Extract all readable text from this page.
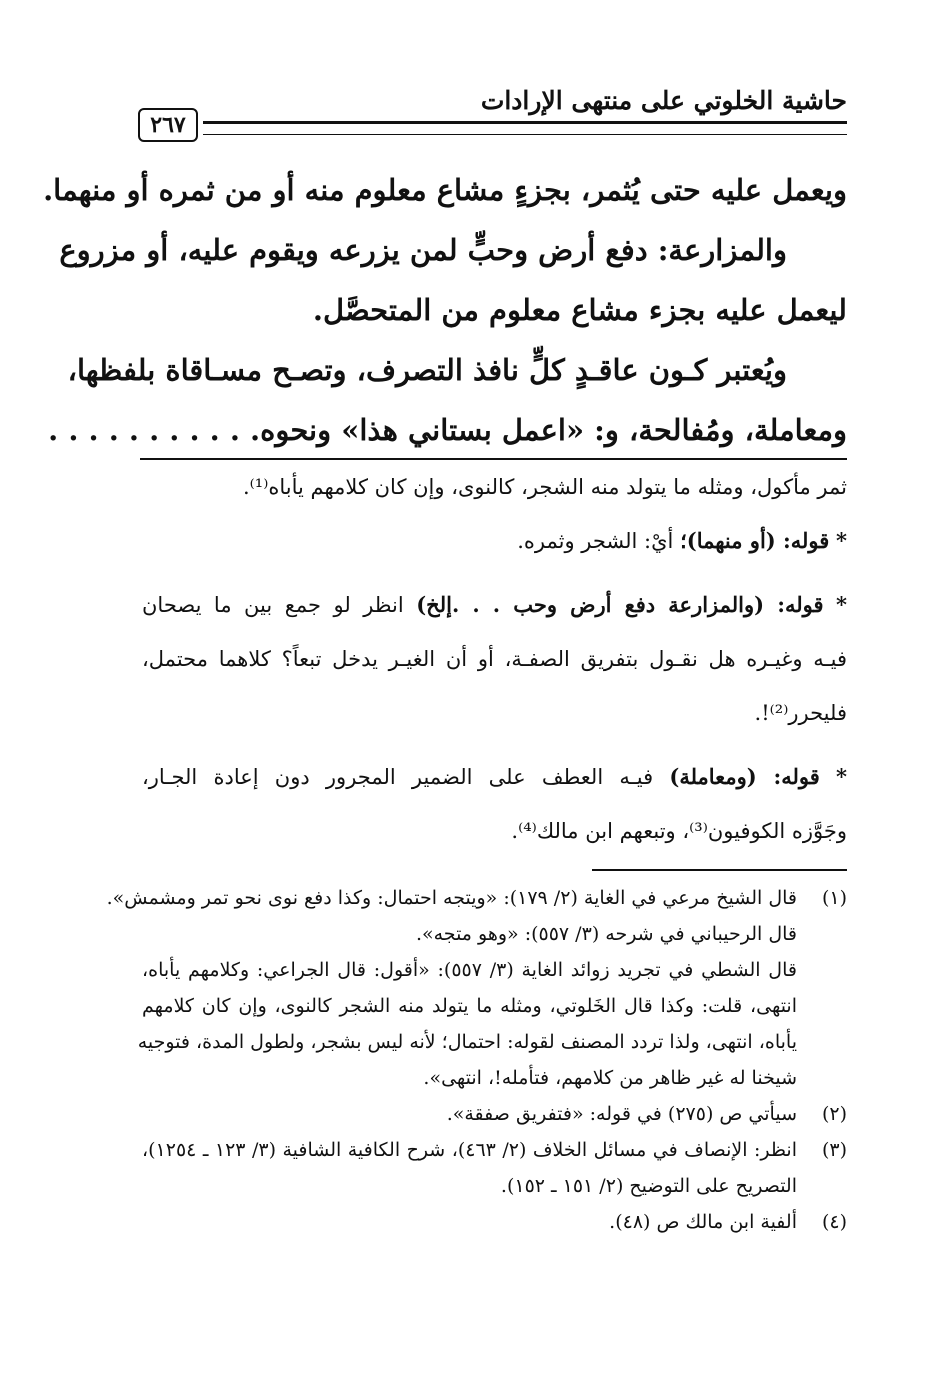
حاشية الخلوتي على منتهى الإرادات
٢٦٧
ويعمل عليه حتى يُثمر، بجزءٍ مشاع معلوم منه أو من ثمره أو منهما.
والمزارعة: دفع أرض وحبٍّ لمن يزرعه ويقوم عليه، أو مزروع
ليعمل عليه بجزء مشاع معلوم من المتحصَّل.
ويُعتبر كـون عاقـدٍ كلٍّ نافذ التصرف، وتصـح مسـاقاة بلفظها،
ومعاملة، ومُفالحة، و: «اعمل بستاني هذا» ونحوه. . . . . . . . . . .
ثمر مأكول، ومثله ما يتولد منه الشجر، كالنوى، وإن كان كلامهم يأباه⁽¹⁾.
* قوله: (أو منهما)؛ أيْ: الشجر وثمره.
* قوله: (والمزارعة دفع أرض وحب . . .إلخ) انظر لو جمع بين ما يصحان
فيـه وغيـره هل نقـول بتفريق الصفـة، أو أن الغيـر يدخل تبعاً؟ كلاهما محتمل،
فليحرر⁽²⁾!.
* قوله: (ومعاملة) فيـه العطف على الضمير المجرور دون إعادة الجـار،
وجَوَّزه الكوفيون⁽³⁾، وتبعهم ابن مالك⁽⁴⁾.
(١)
قال الشيخ مرعي في الغاية (٢/ ١٧٩): «ويتجه احتمال: وكذا دفع نوى نحو تمر ومشمش».
قال الرحيباني في شرحه (٣/ ٥٥٧): «وهو متجه».
قال الشطي في تجريد زوائد الغاية (٣/ ٥٥٧): «أقول: قال الجراعي: وكلامهم يأباه،
انتهى، قلت: وكذا قال الخَلوتي، ومثله ما يتولد منه الشجر كالنوى، وإن كان كلامهم
يأباه، انتهى، ولذا تردد المصنف لقوله: احتمال؛ لأنه ليس بشجر، ولطول المدة، فتوجيه
شيخنا له غير ظاهر من كلامهم، فتأمله!، انتهى».
(٢)
سيأتي ص (٢٧٥) في قوله: «فتفريق صفقة».
(٣)
انظر: الإنصاف في مسائل الخلاف (٢/ ٤٦٣)، شرح الكافية الشافية (٣/ ١٢٣ ـ ١٢٥٤)،
التصريح على التوضيح (٢/ ١٥١ ـ ١٥٢).
(٤)
ألفية ابن مالك ص (٤٨).
